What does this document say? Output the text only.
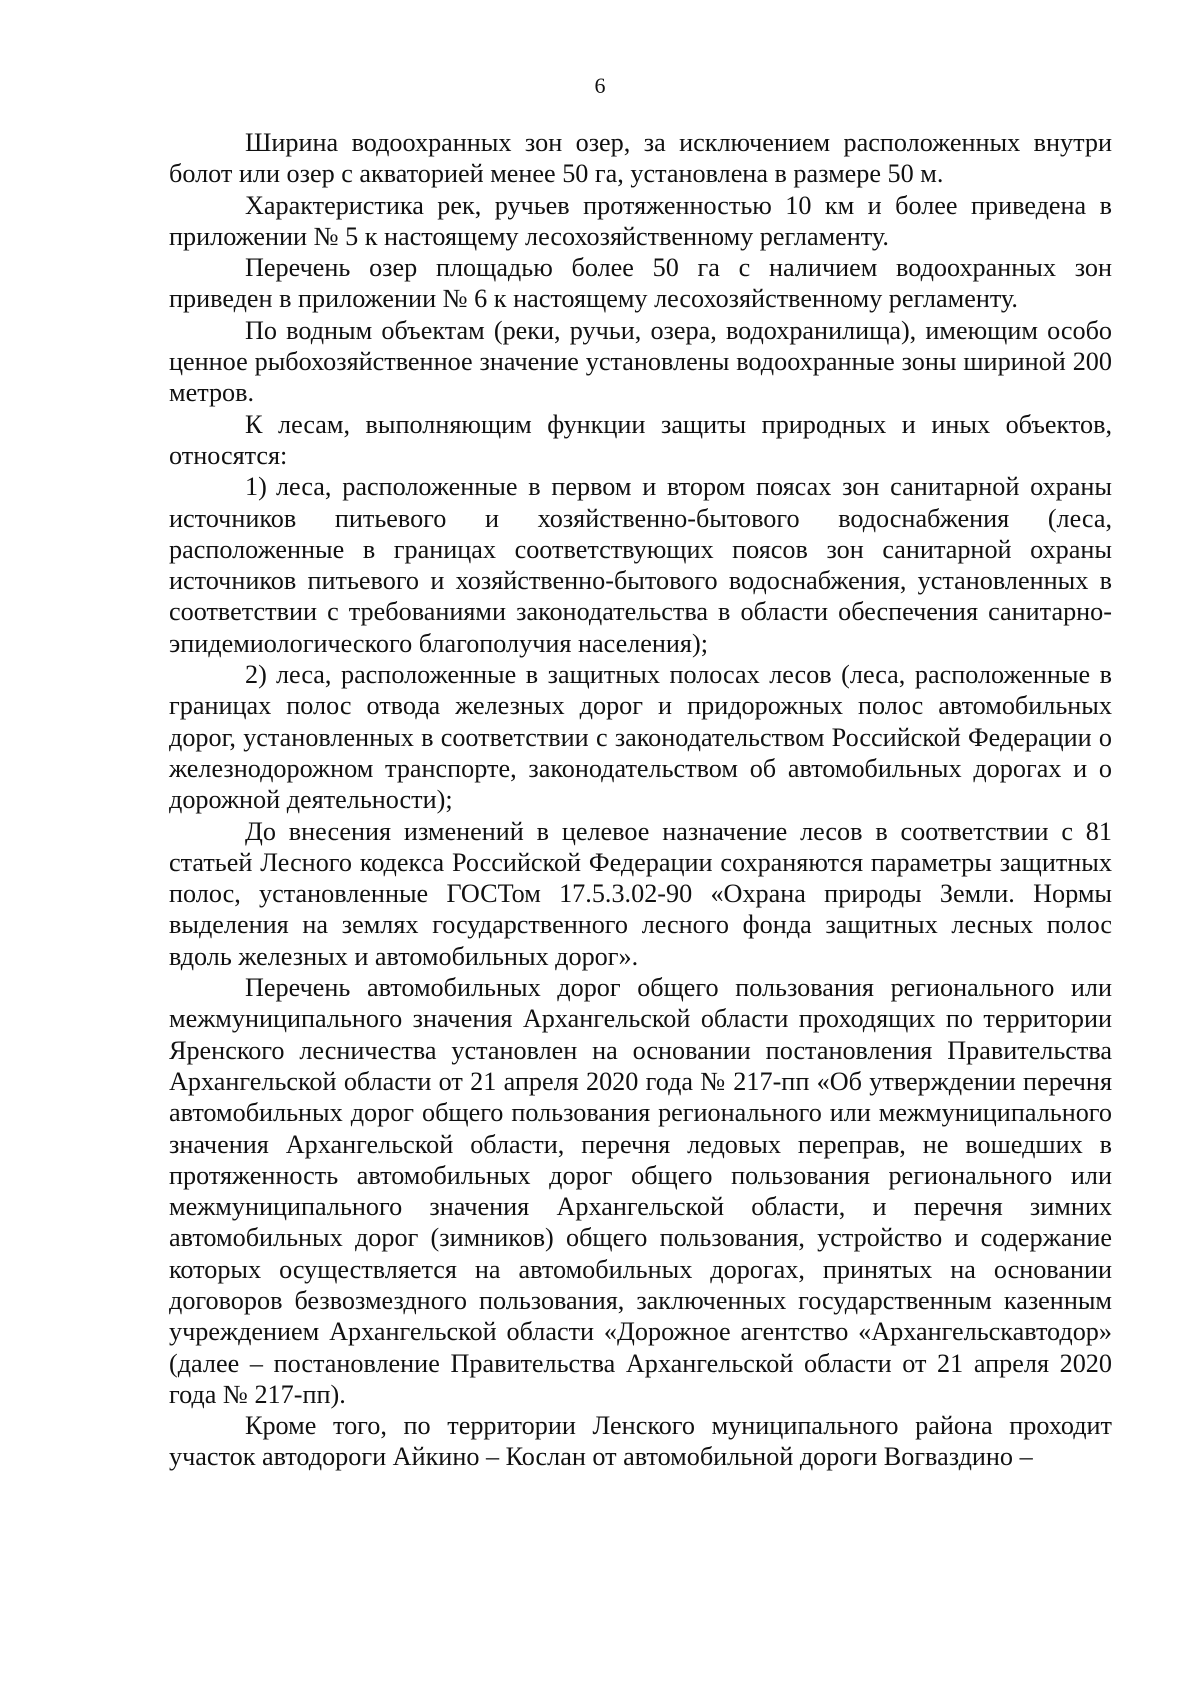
6

Ширина водоохранных зон озер, за исключением расположенных внутри болот или озер с акваторией менее 50 га, установлена в размере 50 м.

Характеристика рек, ручьев протяженностью 10 км и более приведена в приложении № 5 к настоящему лесохозяйственному регламенту.

Перечень озер площадью более 50 га с наличием водоохранных зон приведен в приложении № 6 к настоящему лесохозяйственному регламенту.

По водным объектам (реки, ручьи, озера, водохранилища), имеющим особо ценное рыбохозяйственное значение установлены водоохранные зоны шириной 200 метров.

К лесам, выполняющим функции защиты природных и иных объектов, относятся:

1) леса, расположенные в первом и втором поясах зон санитарной охраны источников питьевого и хозяйственно-бытового водоснабжения (леса, расположенные в границах соответствующих поясов зон санитарной охраны источников питьевого и хозяйственно-бытового водоснабжения, установленных в соответствии с требованиями законодательства в области обеспечения санитарно-эпидемиологического благополучия населения);

2) леса, расположенные в защитных полосах лесов (леса, расположенные в границах полос отвода железных дорог и придорожных полос автомобильных дорог, установленных в соответствии с законодательством Российской Федерации о железнодорожном транспорте, законодательством об автомобильных дорогах и о дорожной деятельности);

До внесения изменений в целевое назначение лесов в соответствии с 81 статьей Лесного кодекса Российской Федерации сохраняются параметры защитных полос, установленные ГОСТом 17.5.3.02-90 «Охрана природы Земли. Нормы выделения на землях государственного лесного фонда защитных лесных полос вдоль железных и автомобильных дорог».

Перечень автомобильных дорог общего пользования регионального или межмуниципального значения Архангельской области проходящих по территории Яренского лесничества установлен на основании постановления Правительства Архангельской области от 21 апреля 2020 года № 217-пп «Об утверждении перечня автомобильных дорог общего пользования регионального или межмуниципального значения Архангельской области, перечня ледовых переправ, не вошедших в протяженность автомобильных дорог общего пользования регионального или межмуниципального значения Архангельской области, и перечня зимних автомобильных дорог (зимников) общего пользования, устройство и содержание которых осуществляется на автомобильных дорогах, принятых на основании договоров безвозмездного пользования, заключенных государственным казенным учреждением Архангельской области «Дорожное агентство «Архангельскавтодор» (далее – постановление Правительства Архангельской области от 21 апреля 2020 года № 217-пп).

Кроме того, по территории Ленского муниципального района проходит участок автодороги Айкино – Кослан от автомобильной дороги Вогваздино –
